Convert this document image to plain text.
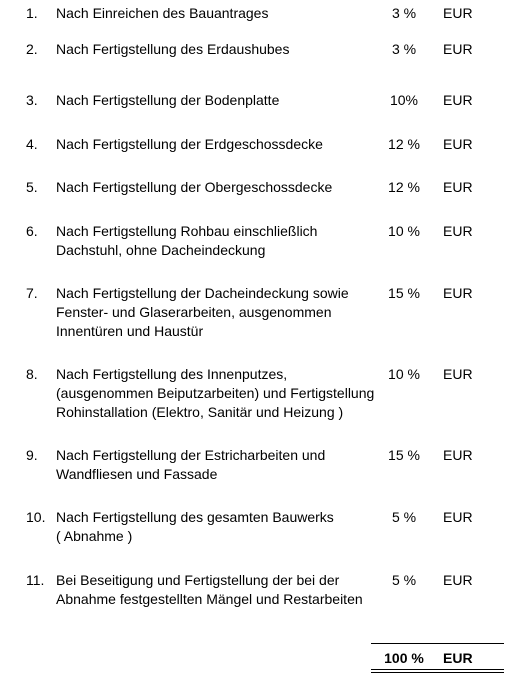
1. Nach Einreichen des Bauantrages	3 %	EUR
2. Nach Fertigstellung des Erdaushubes	3 %	EUR
3. Nach Fertigstellung der Bodenplatte	10%	EUR
4. Nach Fertigstellung der Erdgeschossdecke	12 %	EUR
5. Nach Fertigstellung der Obergeschossdecke	12 %	EUR
6. Nach Fertigstellung Rohbau einschließlich
Dachstuhl, ohne Dacheindeckung
10 %	EUR
7. Nach Fertigstellung der Dacheindeckung sowie
Fenster- und Glaserarbeiten, ausgenommen
Innentüren und Haustür
15 %	EUR
8. Nach Fertigstellung des Innenputzes,
(ausgenommen Beiputzarbeiten) und Fertigstellung
Rohinstallation (Elektro, Sanitär und Heizung )
10 %	EUR
9. Nach Fertigstellung der Estricharbeiten und
Wandfliesen und Fassade
15 %	EUR
10. Nach Fertigstellung des gesamten Bauwerks
( Abnahme )
5 %	EUR
11. Bei Beseitigung und Fertigstellung der bei der
Abnahme festgestellten Mängel und Restarbeiten
5 %	EUR
100 % EUR
